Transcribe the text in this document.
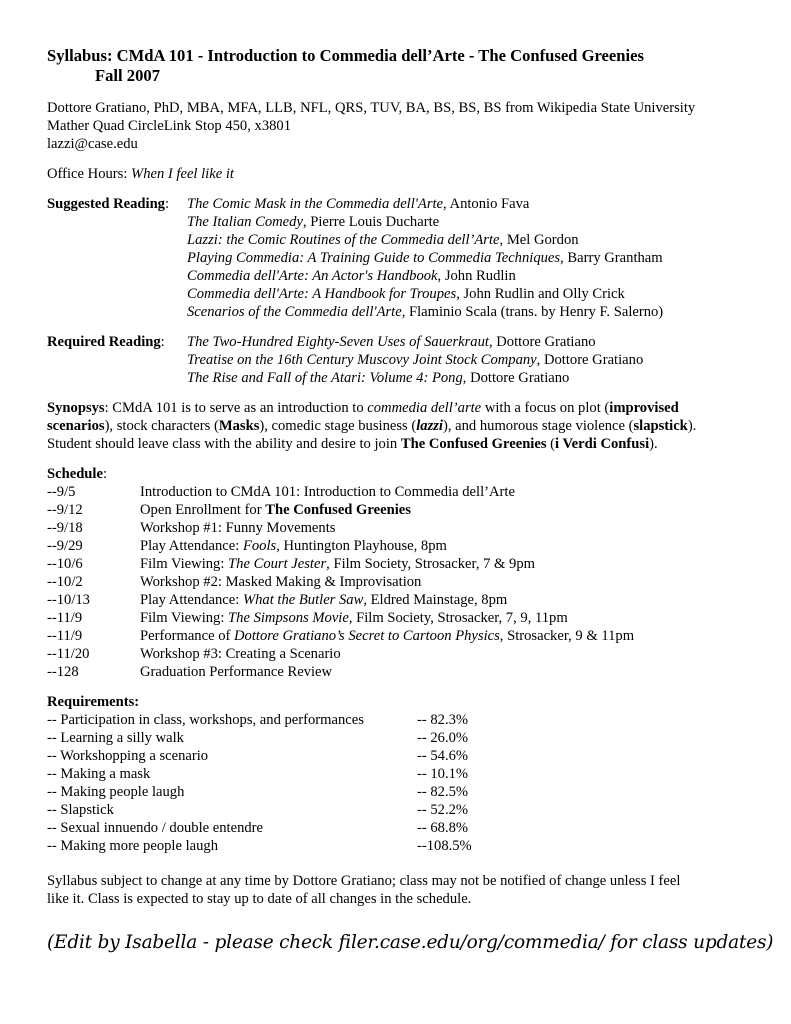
Syllabus: CMdA 101 - Introduction to Commedia dell’Arte - The Confused Greenies
Fall 2007
Dottore Gratiano, PhD, MBA, MFA, LLB, NFL, QRS, TUV, BA, BS, BS, BS from Wikipedia State University
Mather Quad CircleLink Stop 450, x3801
lazzi@case.edu
Office Hours: When I feel like it
Suggested Reading:	The Comic Mask in the Commedia dell'Arte, Antonio Fava
The Italian Comedy, Pierre Louis Ducharte
Lazzi: the Comic Routines of the Commedia dell’Arte, Mel Gordon
Playing Commedia: A Training Guide to Commedia Techniques, Barry Grantham
Commedia dell'Arte: An Actor's Handbook, John Rudlin
Commedia dell'Arte: A Handbook for Troupes, John Rudlin and Olly Crick
Scenarios of the Commedia dell'Arte, Flaminio Scala (trans. by Henry F. Salerno)
Required Reading:	The Two-Hundred Eighty-Seven Uses of Sauerkraut, Dottore Gratiano
Treatise on the 16th Century Muscovy Joint Stock Company, Dottore Gratiano
The Rise and Fall of the Atari: Volume 4: Pong, Dottore Gratiano
Synopsys: CMdA 101 is to serve as an introduction to commedia dell’arte with a focus on plot (improvised
scenarios), stock characters (Masks), comedic stage business (lazzi), and humorous stage violence (slapstick).
Student should leave class with the ability and desire to join The Confused Greenies (i Verdi Confusi).
Schedule:
--9/5	Introduction to CMdA 101: Introduction to Commedia dell’Arte
--9/12	Open Enrollment for The Confused Greenies
--9/18	Workshop #1: Funny Movements
--9/29	Play Attendance: Fools, Huntington Playhouse, 8pm
--10/6	Film Viewing: The Court Jester, Film Society, Strosacker, 7 & 9pm
--10/2	Workshop #2: Masked Making & Improvisation
--10/13	Play Attendance: What the Butler Saw, Eldred Mainstage, 8pm
--11/9	Film Viewing: The Simpsons Movie, Film Society, Strosacker, 7, 9, 11pm
--11/9	Performance of Dottore Gratiano’s Secret to Cartoon Physics, Strosacker, 9 & 11pm
--11/20	Workshop #3: Creating a Scenario
--128	Graduation Performance Review
Requirements:
-- Participation in class, workshops, and performances	-- 82.3%
-- Learning a silly walk	-- 26.0%
-- Workshopping a scenario	-- 54.6%
-- Making a mask	-- 10.1%
-- Making people laugh	-- 82.5%
-- Slapstick	-- 52.2%
-- Sexual innuendo / double entendre	-- 68.8%
-- Making more people laugh	--108.5%
Syllabus subject to change at any time by Dottore Gratiano; class may not be notified of change unless I feel
like it. Class is expected to stay up to date of all changes in the schedule.
(Edit by Isabella - please check filer.case.edu/org/commedia/ for class updates)
